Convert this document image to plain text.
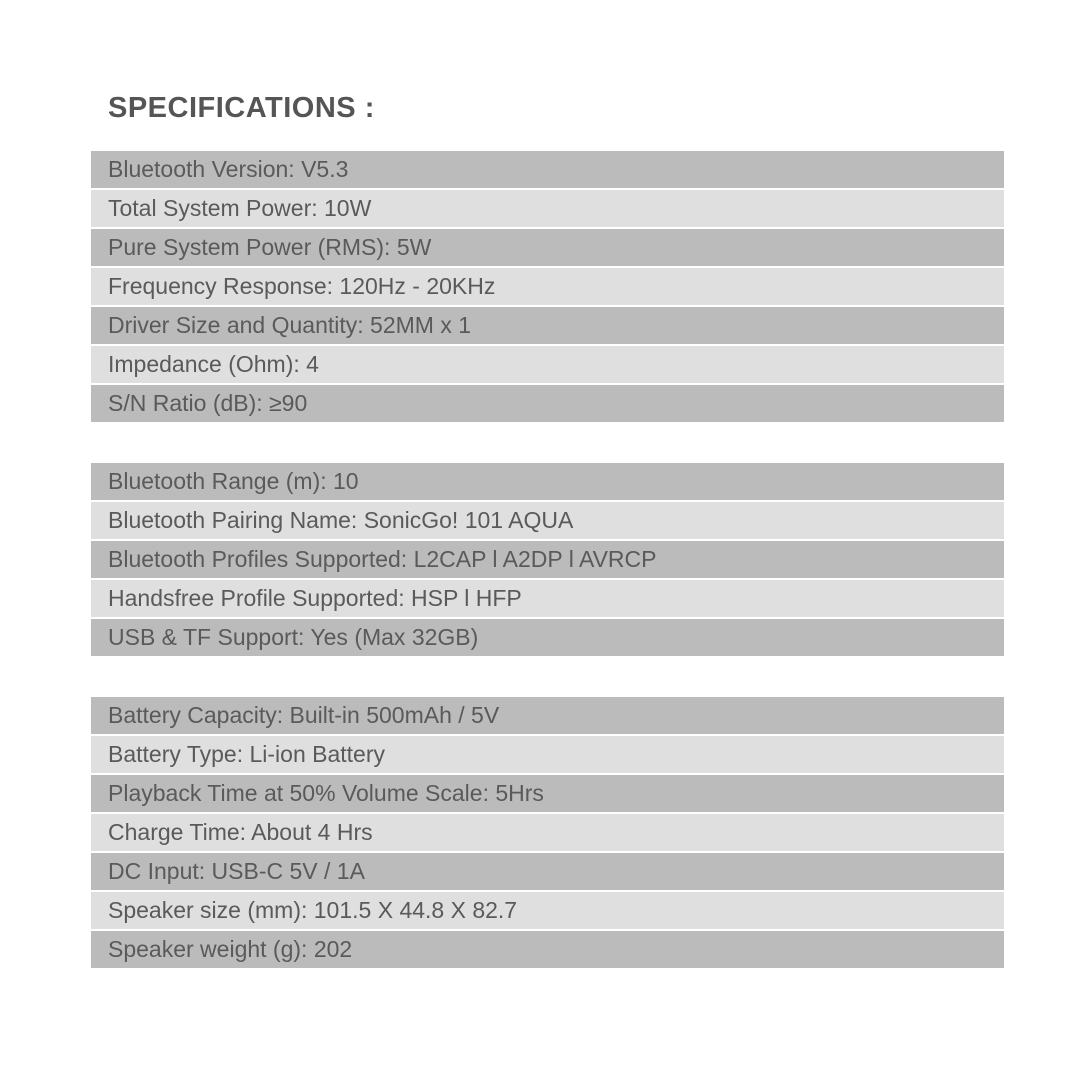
SPECIFICATIONS :
Bluetooth Version: V5.3
Total System Power: 10W
Pure System Power (RMS): 5W
Frequency Response: 120Hz - 20KHz
Driver Size and Quantity: 52MM x 1
Impedance (Ohm): 4
S/N Ratio (dB): ≥90
Bluetooth Range (m): 10
Bluetooth Pairing Name: SonicGo! 101 AQUA
Bluetooth Profiles Supported: L2CAP l A2DP l AVRCP
Handsfree Profile Supported: HSP l HFP
USB & TF Support: Yes (Max 32GB)
Battery Capacity: Built-in 500mAh / 5V
Battery Type: Li-ion Battery
Playback Time at 50% Volume Scale: 5Hrs
Charge Time: About 4 Hrs
DC Input: USB-C 5V / 1A
Speaker size (mm): 101.5 X 44.8 X 82.7
Speaker weight (g): 202
